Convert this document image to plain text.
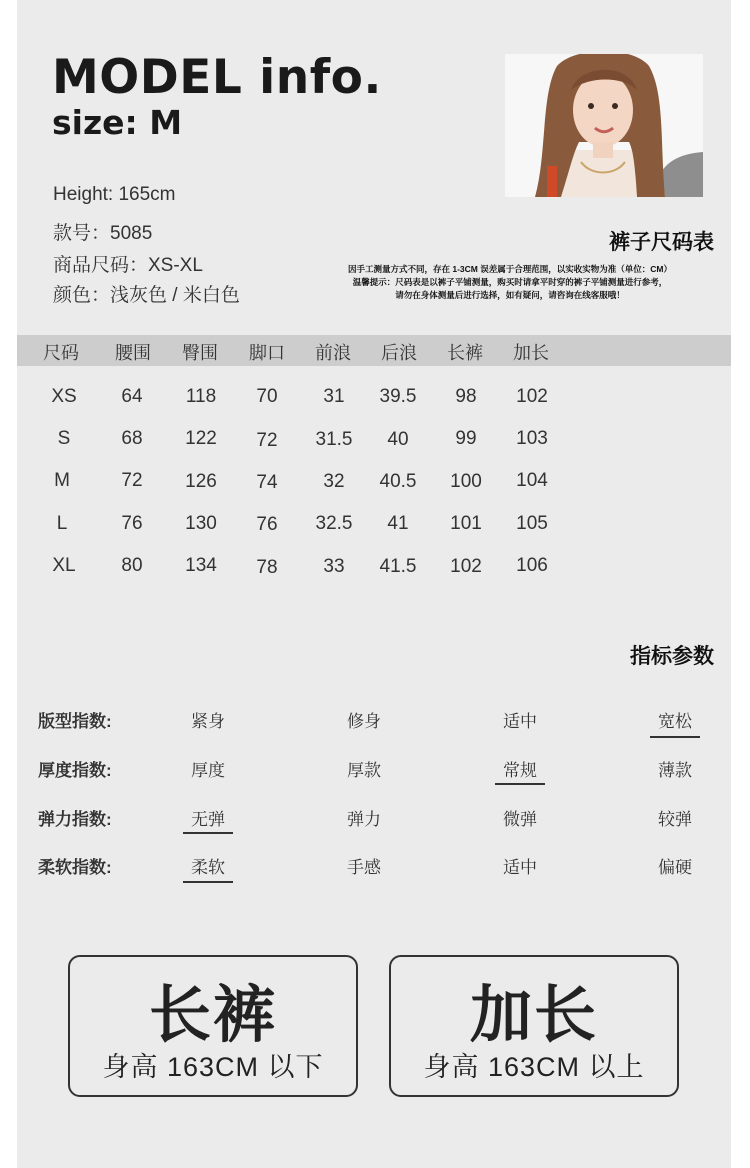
MODEL info.
size: M
Height: 165cm
款号：5085
商品尺码：XS-XL
颜色：浅灰色 / 米白色
裤子尺码表
因手工测量方式不同，存在 1-3CM 误差属于合理范围，以实收实物为准（单位：CM）
温馨提示：尺码表是以裤子平铺测量，购买时请拿平时穿的裤子平铺测量进行参考，
请勿在身体测量后进行选择，如有疑问，请咨询在线客服哦！
尺码 腰围 臀围 脚口 前浪 后浪 长裤 加长
XS 64 118 70 31 39.5 98 102
S	68 122 72 31.5 40 99 103
M	72 126 74 32 40.5 100 104
L	76 130 76 32.5 41 101 105
XL 80 134 78 33 41.5 102 106
指标参数
版型指数:	紧身	修身	适中	宽松
厚度指数:	厚度	厚款	常规	薄款
弹力指数:	无弹	弹力	微弹	较弹
柔软指数:	柔软	手感	适中	偏硬
长裤
身高 163CM 以下
加长
身高 163CM 以上
